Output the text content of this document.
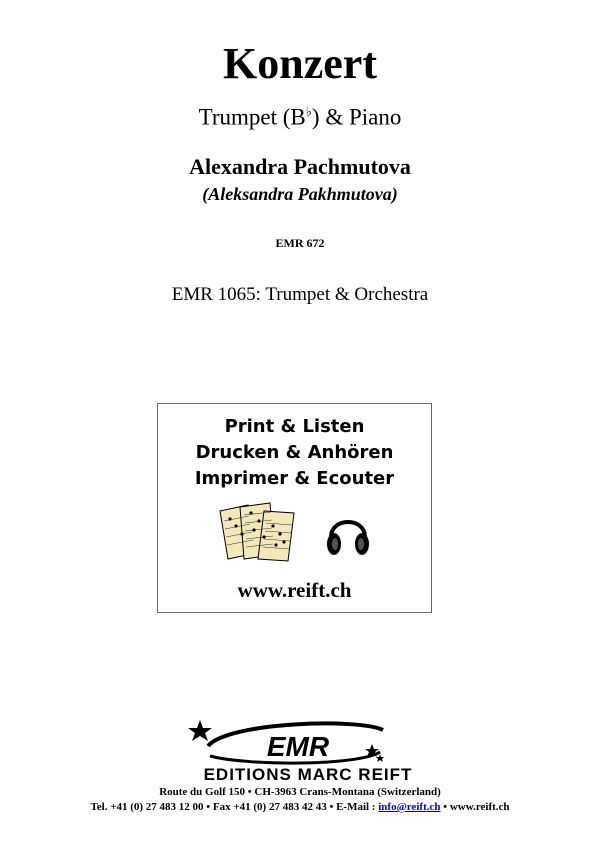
Konzert
Trumpet (B♭) & Piano
Alexandra Pachmutova
(Aleksandra Pakhmutova)
EMR 672
EMR 1065: Trumpet & Orchestra
Print & Listen
Drucken & Anhören
Imprimer & Ecouter
www.reift.ch
EMR
EDITIONS MARC REIFT
Route du Golf 150 • CH-3963 Crans-Montana (Switzerland)
Tel. +41 (0) 27 483 12 00 • Fax +41 (0) 27 483 42 43 • E-Mail : info@reift.ch • www.reift.ch
